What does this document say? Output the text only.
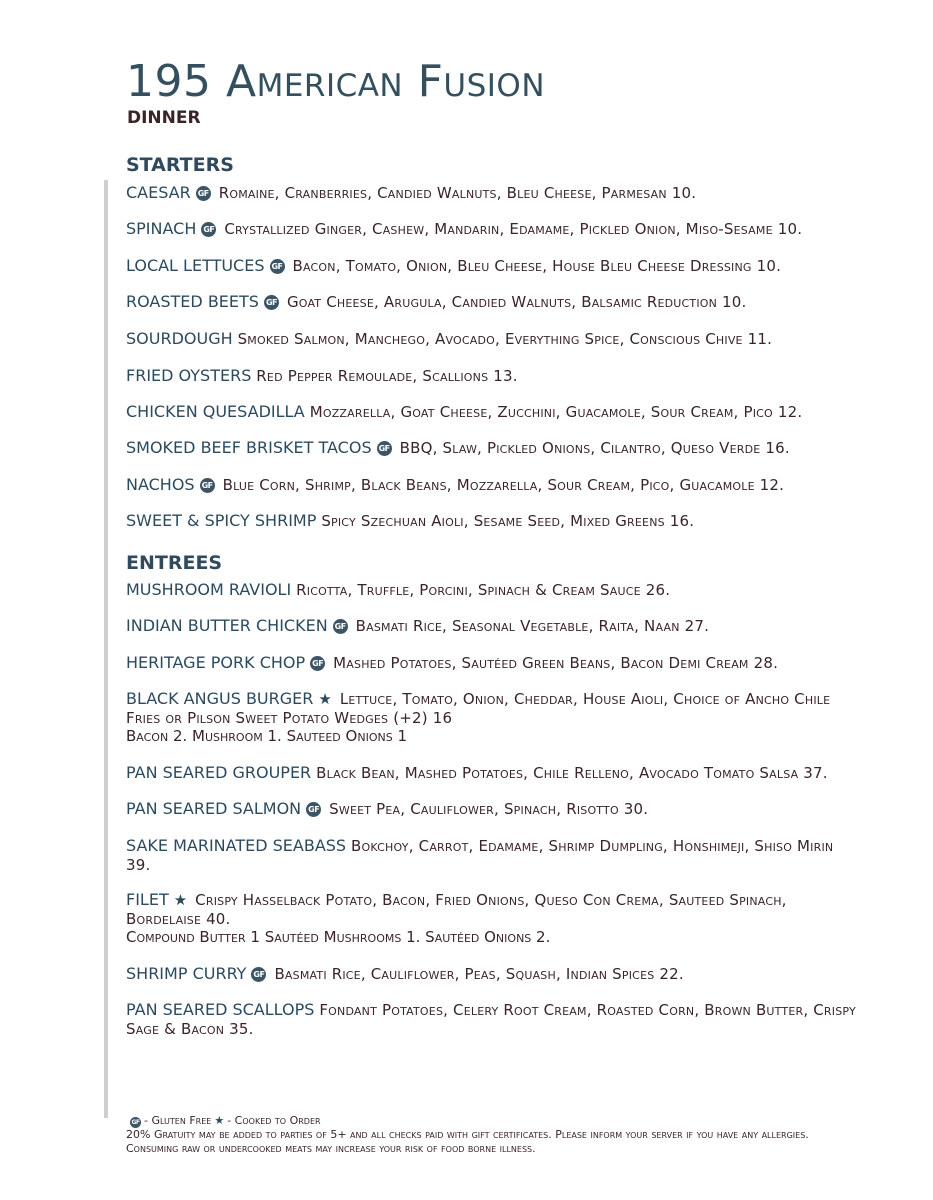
195 American Fusion
DINNER
STARTERS
CAESAR GF Romaine, Cranberries, Candied Walnuts, Bleu Cheese, Parmesan 10.
SPINACH GF Crystallized Ginger, Cashew, Mandarin, Edamame, Pickled Onion, Miso-Sesame 10.
LOCAL LETTUCES GF Bacon, Tomato, Onion, Bleu Cheese, House Bleu Cheese Dressing 10.
ROASTED BEETS GF Goat Cheese, Arugula, Candied Walnuts, Balsamic Reduction 10.
SOURDOUGH Smoked Salmon, Manchego, Avocado, Everything Spice, Conscious Chive 11.
FRIED OYSTERS Red Pepper Remoulade, Scallions 13.
CHICKEN QUESADILLA Mozzarella, Goat Cheese, Zucchini, Guacamole, Sour Cream, Pico 12.
SMOKED BEEF BRISKET TACOS GF BBQ, Slaw, Pickled Onions, Cilantro, Queso Verde 16.
NACHOS GF Blue Corn, Shrimp, Black Beans, Mozzarella, Sour Cream, Pico, Guacamole 12.
SWEET & SPICY SHRIMP Spicy Szechuan Aioli, Sesame Seed, Mixed Greens 16.
ENTREES
MUSHROOM RAVIOLI Ricotta, Truffle, Porcini, Spinach & Cream Sauce 26.
INDIAN BUTTER CHICKEN GF Basmati Rice, Seasonal Vegetable, Raita, Naan 27.
HERITAGE PORK CHOP GF Mashed Potatoes, Sautéed Green Beans, Bacon Demi Cream 28.
BLACK ANGUS BURGER ★ Lettuce, Tomato, Onion, Cheddar, House Aioli, Choice of Ancho Chile Fries or Pilson Sweet Potato Wedges (+2) 16
Bacon 2. Mushroom 1. Sauteed Onions 1
PAN SEARED GROUPER Black Bean, Mashed Potatoes, Chile Relleno, Avocado Tomato Salsa 37.
PAN SEARED SALMON GF Sweet Pea, Cauliflower, Spinach, Risotto 30.
SAKE MARINATED SEABASS Bokchoy, Carrot, Edamame, Shrimp Dumpling, Honshimeji, Shiso Mirin 39.
FILET ★ Crispy Hasselback Potato, Bacon, Fried Onions, Queso Con Crema, Sauteed Spinach, Bordelaise 40.
Compound Butter 1 Sautéed Mushrooms 1. Sautéed Onions 2.
SHRIMP CURRY GF Basmati Rice, Cauliflower, Peas, Squash, Indian Spices 22.
PAN SEARED SCALLOPS Fondant Potatoes, Celery Root Cream, Roasted Corn, Brown Butter, Crispy Sage & Bacon 35.
GF - Gluten Free ★ - Cooked to Order
20% Gratuity may be added to parties of 5+ and all checks paid with gift certificates. Please inform your server if you have any allergies. Consuming raw or undercooked meats may increase your risk of food borne illness.
